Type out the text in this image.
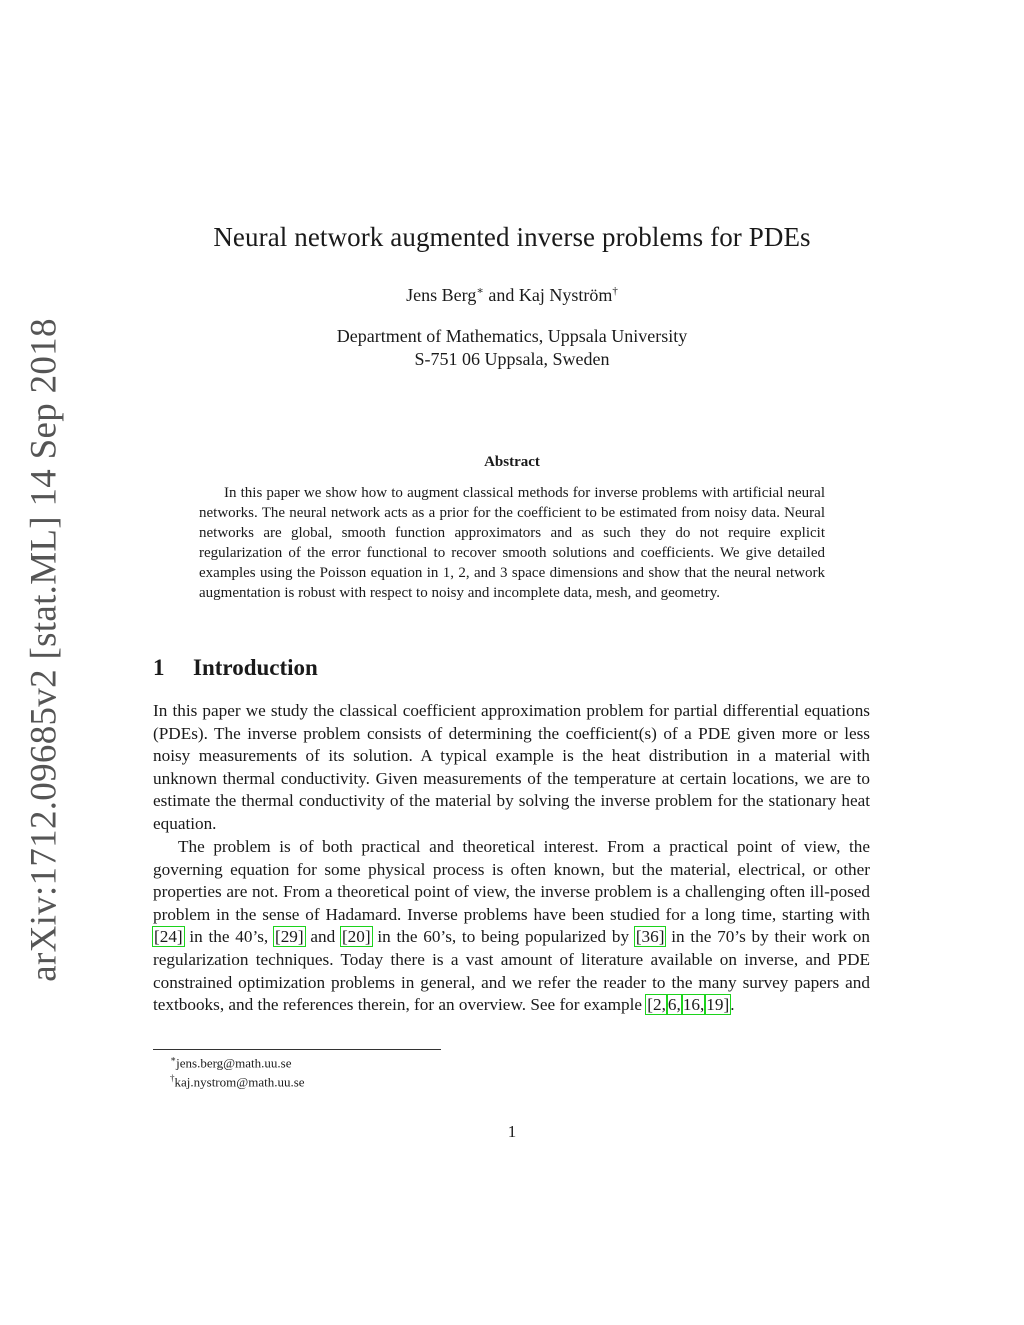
arXiv:1712.09685v2 [stat.ML] 14 Sep 2018
Neural network augmented inverse problems for PDEs
Jens Berg∗ and Kaj Nyström†
Department of Mathematics, Uppsala University
S-751 06 Uppsala, Sweden
Abstract
In this paper we show how to augment classical methods for inverse problems with artificial neural networks. The neural network acts as a prior for the coefficient to be estimated from noisy data. Neural networks are global, smooth function approximators and as such they do not require explicit regularization of the error functional to recover smooth solutions and coefficients. We give detailed examples using the Poisson equation in 1, 2, and 3 space dimensions and show that the neural network augmentation is robust with respect to noisy and incomplete data, mesh, and geometry.
1 Introduction
In this paper we study the classical coefficient approximation problem for partial differential equations (PDEs). The inverse problem consists of determining the coefficient(s) of a PDE given more or less noisy measurements of its solution. A typical example is the heat distribution in a material with unknown thermal conductivity. Given measurements of the temperature at certain locations, we are to estimate the thermal conductivity of the material by solving the inverse problem for the stationary heat equation.
The problem is of both practical and theoretical interest. From a practical point of view, the governing equation for some physical process is often known, but the material, electrical, or other properties are not. From a theoretical point of view, the inverse problem is a challenging often ill-posed problem in the sense of Hadamard. Inverse problems have been studied for a long time, starting with [24] in the 40’s, [29] and [20] in the 60’s, to being popularized by [36] in the 70’s by their work on regularization techniques. Today there is a vast amount of literature available on inverse, and PDE constrained optimization problems in general, and we refer the reader to the many survey papers and textbooks, and the references therein, for an overview. See for example [2, 6, 16, 19].
∗jens.berg@math.uu.se
†kaj.nystrom@math.uu.se
1
